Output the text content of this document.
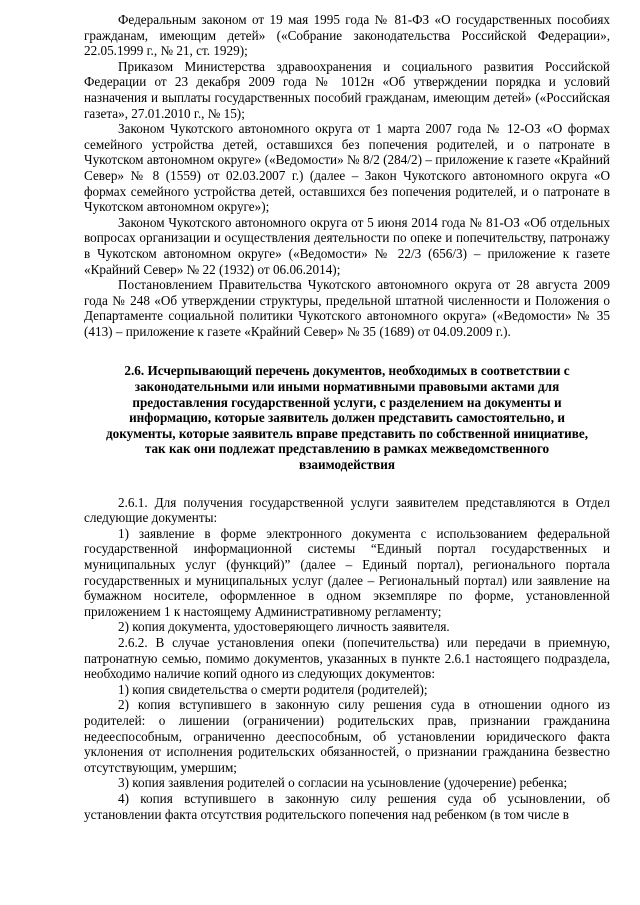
Федеральным законом от 19 мая 1995 года № 81-ФЗ «О государственных пособиях гражданам, имеющим детей» («Собрание законодательства Российской Федерации», 22.05.1999 г., № 21, ст. 1929);

Приказом Министерства здравоохранения и социального развития Российской Федерации от 23 декабря 2009 года № 1012н «Об утверждении порядка и условий назначения и выплаты государственных пособий гражданам, имеющим детей» («Российская газета», 27.01.2010 г., № 15);

Законом Чукотского автономного округа от 1 марта 2007 года № 12-ОЗ «О формах семейного устройства детей, оставшихся без попечения родителей, и о патронате в Чукотском автономном округе» («Ведомости» № 8/2 (284/2) – приложение к газете «Крайний Север» № 8 (1559) от 02.03.2007 г.) (далее – Закон Чукотского автономного округа «О формах семейного устройства детей, оставшихся без попечения родителей, и о патронате в Чукотском автономном округе»);

Законом Чукотского автономного округа от 5 июня 2014 года № 81-ОЗ «Об отдельных вопросах организации и осуществления деятельности по опеке и попечительству, патронажу в Чукотском автономном округе» («Ведомости» № 22/3 (656/3) – приложение к газете «Крайний Север» № 22 (1932) от 06.06.2014);

Постановлением Правительства Чукотского автономного округа от 28 августа 2009 года № 248 «Об утверждении структуры, предельной штатной численности и Положения о Департаменте социальной политики Чукотского автономного округа» («Ведомости» № 35 (413) – приложение к газете «Крайний Север» № 35 (1689) от 04.09.2009 г.).

2.6. Исчерпывающий перечень документов, необходимых в соответствии с
законодательными или иными нормативными правовыми актами для
предоставления государственной услуги, с разделением на документы и
информацию, которые заявитель должен представить самостоятельно, и
документы, которые заявитель вправе представить по собственной инициативе,
так как они подлежат представлению в рамках межведомственного
взаимодействия

2.6.1. Для получения государственной услуги заявителем представляются в Отдел следующие документы:

1) заявление в форме электронного документа с использованием федеральной государственной информационной системы “Единый портал государственных и муниципальных услуг (функций)” (далее – Единый портал), регионального портала государственных и муниципальных услуг (далее – Региональный портал) или заявление на бумажном носителе, оформленное в одном экземпляре по форме, установленной приложением 1 к настоящему Административному регламенту;

2) копия документа, удостоверяющего личность заявителя.

2.6.2. В случае установления опеки (попечительства) или передачи в приемную, патронатную семью, помимо документов, указанных в пункте 2.6.1 настоящего подраздела, необходимо наличие копий одного из следующих документов:

1) копия свидетельства о смерти родителя (родителей);

2) копия вступившего в законную силу решения суда в отношении одного из родителей: о лишении (ограничении) родительских прав, признании гражданина недееспособным, ограниченно дееспособным, об установлении юридического факта уклонения от исполнения родительских обязанностей, о признании гражданина безвестно отсутствующим, умершим;

3) копия заявления родителей о согласии на усыновление (удочерение) ребенка;

4) копия вступившего в законную силу решения суда об усыновлении, об установлении факта отсутствия родительского попечения над ребенком (в том числе в
